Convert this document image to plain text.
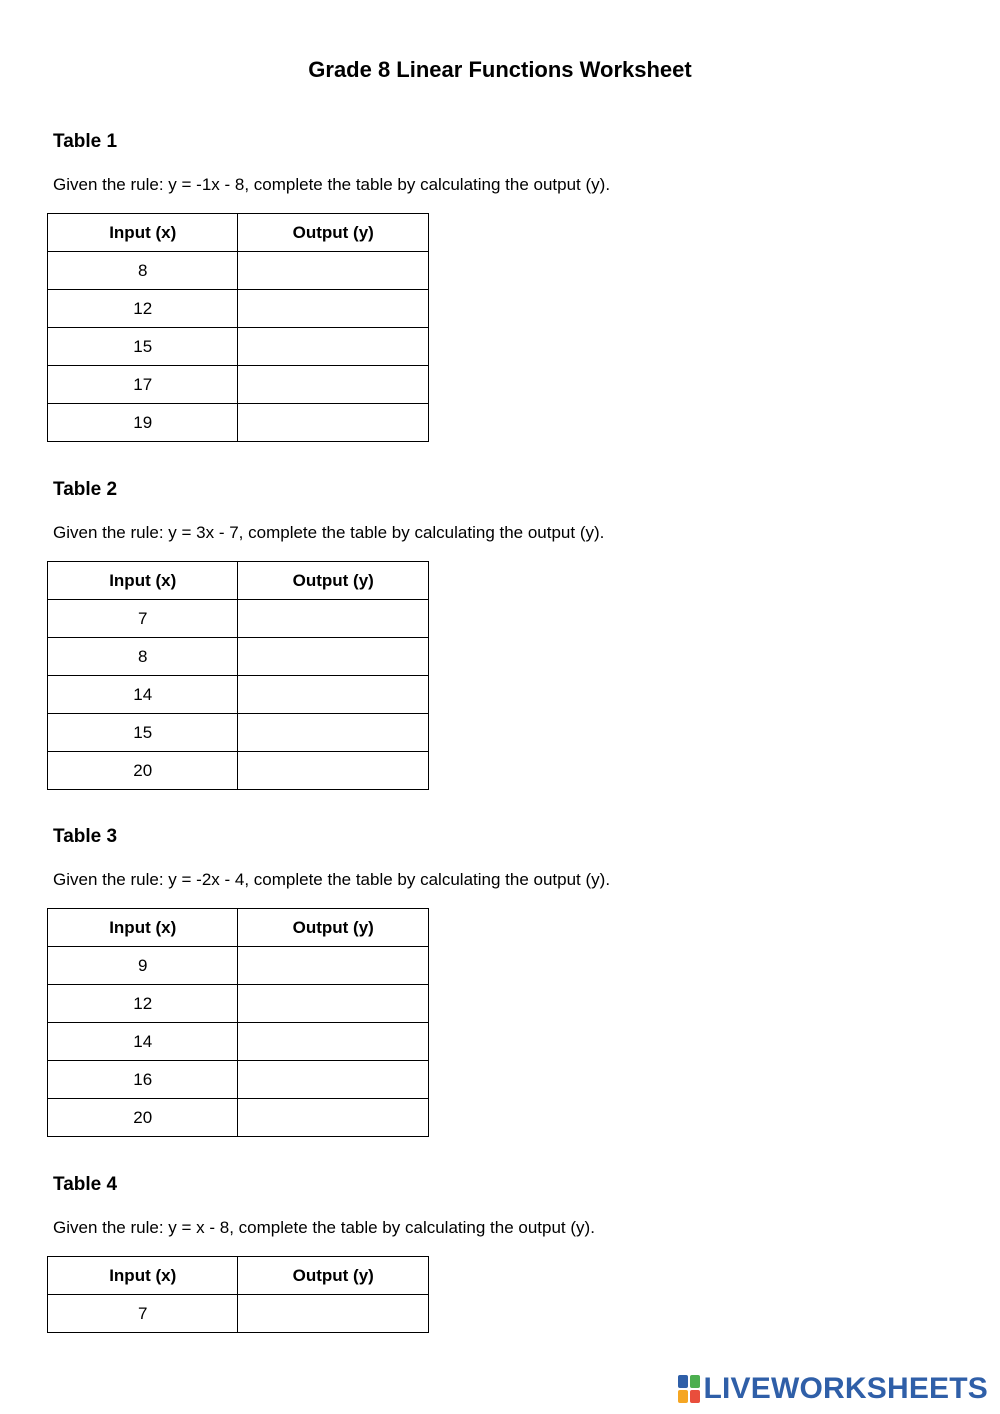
Grade 8 Linear Functions Worksheet
Table 1
Given the rule: y = -1x - 8, complete the table by calculating the output (y).
Input (x)	Output (y)
8	
12	
15	
17	
19	
Table 2
Given the rule: y = 3x - 7, complete the table by calculating the output (y).
Input (x)	Output (y)
7	
8	
14	
15	
20	
Table 3
Given the rule: y = -2x - 4, complete the table by calculating the output (y).
Input (x)	Output (y)
9	
12	
14	
16	
20	
Table 4
Given the rule: y = x - 8, complete the table by calculating the output (y).
Input (x)	Output (y)
7	
LIVEWORKSHEETS
